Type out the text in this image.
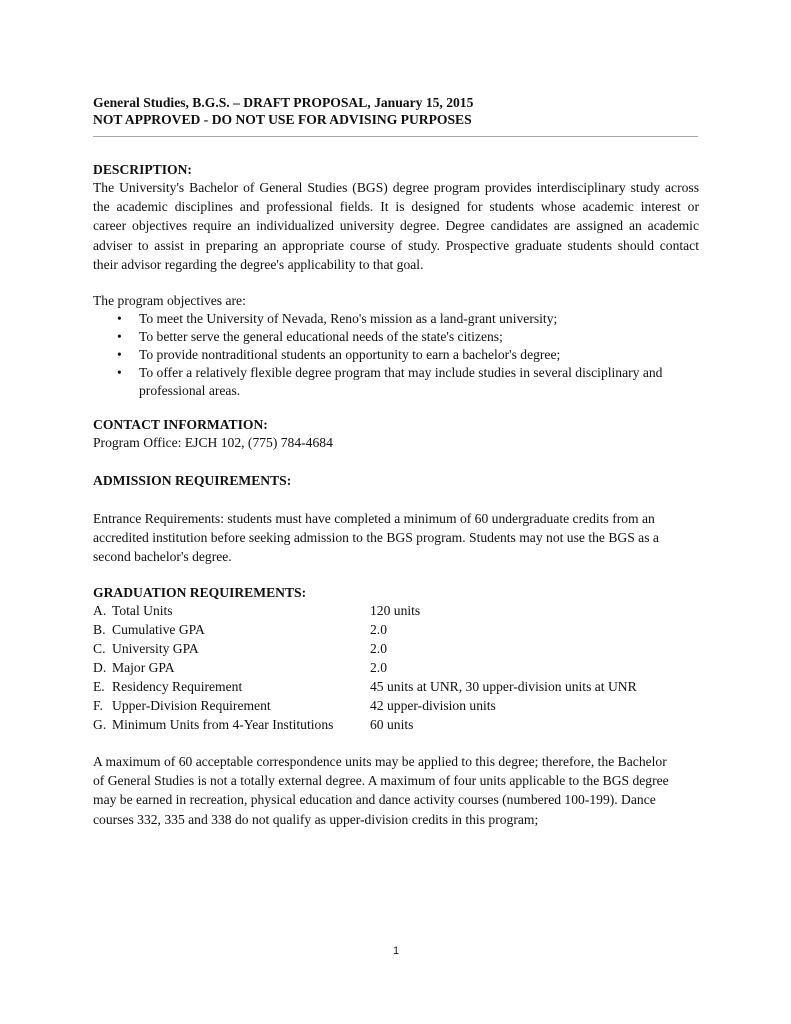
General Studies, B.G.S. – DRAFT PROPOSAL, January 15, 2015
NOT APPROVED - DO NOT USE FOR ADVISING PURPOSES
DESCRIPTION:
The University's Bachelor of General Studies (BGS) degree program provides interdisciplinary study across
the academic disciplines and professional fields. It is designed for students whose academic interest or
career objectives require an individualized university degree. Degree candidates are assigned an academic
adviser to assist in preparing an appropriate course of study. Prospective graduate students should contact
their advisor regarding the degree's applicability to that goal.
The program objectives are:
• To meet the University of Nevada, Reno's mission as a land-grant university;
• To better serve the general educational needs of the state's citizens;
• To provide nontraditional students an opportunity to earn a bachelor's degree;
• To offer a relatively flexible degree program that may include studies in several disciplinary and professional areas.
CONTACT INFORMATION:
Program Office: EJCH 102, (775) 784-4684
ADMISSION REQUIREMENTS:
Entrance Requirements: students must have completed a minimum of 60 undergraduate credits from an
accredited institution before seeking admission to the BGS program. Students may not use the BGS as a
second bachelor's degree.
GRADUATION REQUIREMENTS:
A. Total Units	120 units
B. Cumulative GPA	2.0
C. University GPA	2.0
D. Major GPA	2.0
E. Residency Requirement	45 units at UNR, 30 upper-division units at UNR
F. Upper-Division Requirement	42 upper-division units
G. Minimum Units from 4-Year Institutions	60 units
A maximum of 60 acceptable correspondence units may be applied to this degree; therefore, the Bachelor
of General Studies is not a totally external degree. A maximum of four units applicable to the BGS degree
may be earned in recreation, physical education and dance activity courses (numbered 100-199). Dance
courses 332, 335 and 338 do not qualify as upper-division credits in this program;
1
